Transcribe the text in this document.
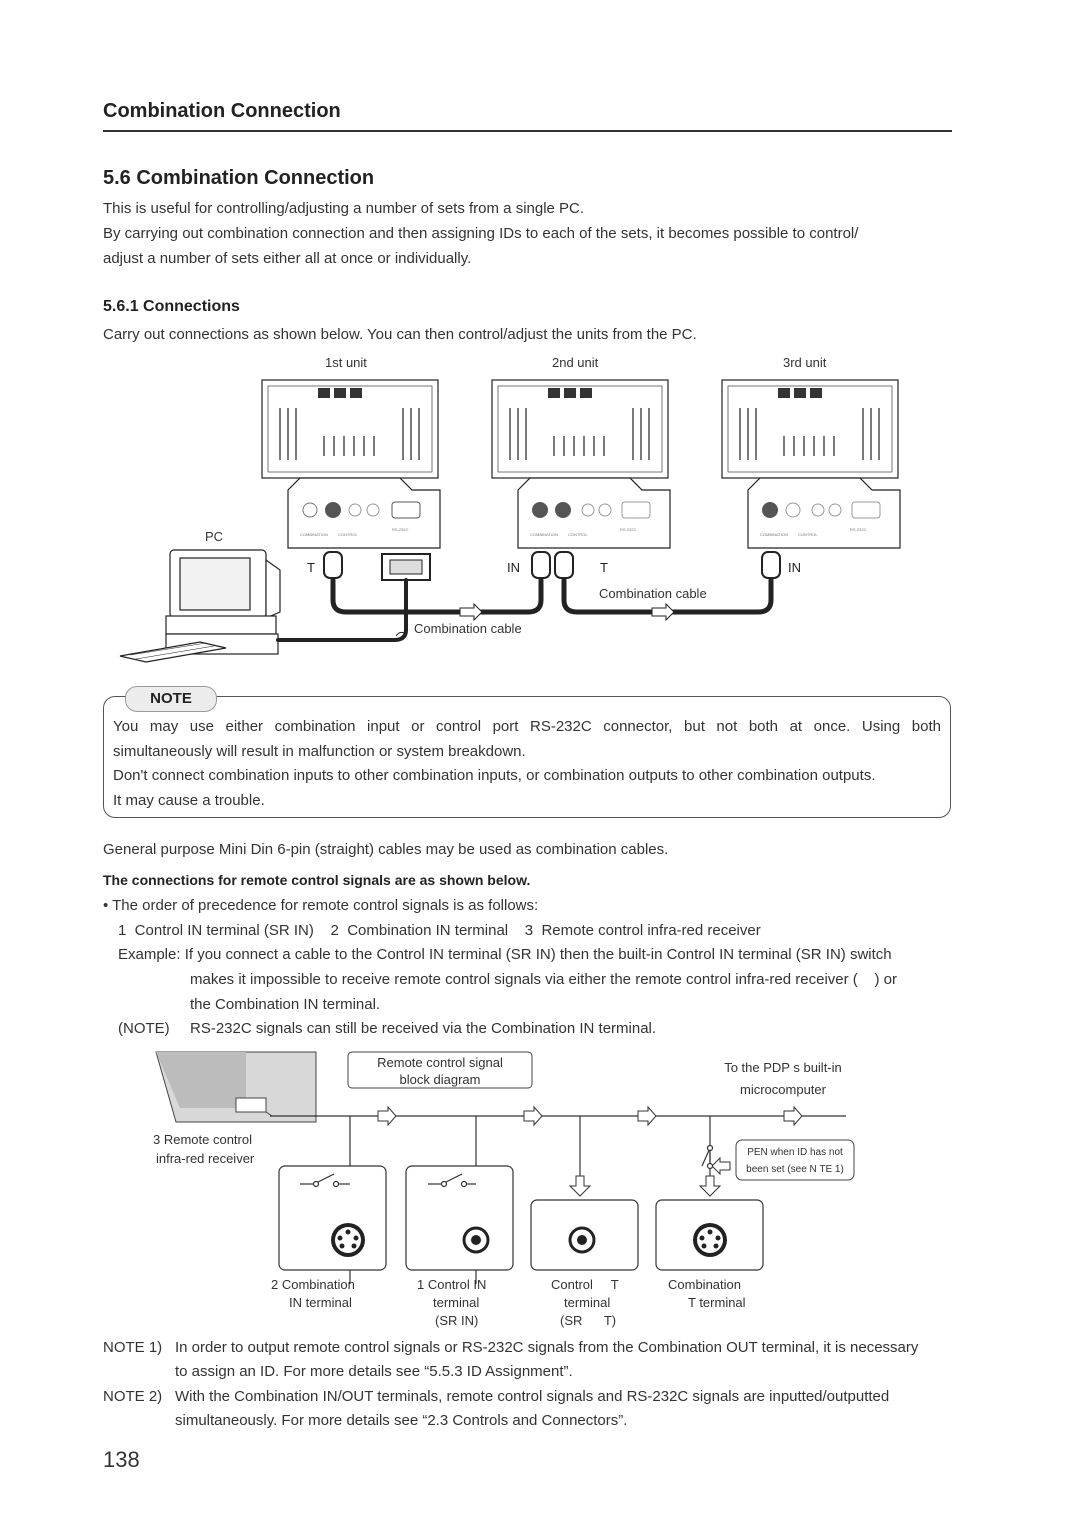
Combination Connection
5.6 Combination Connection
This is useful for controlling/adjusting a number of sets from a single PC.
By carrying out combination connection and then assigning IDs to each of the sets, it becomes possible to control/
adjust a number of sets either all at once or individually.
5.6.1 Connections
Carry out connections as shown below. You can then control/adjust the units from the PC.
1st unit	2nd unit	3rd unit
COMBINATION	CONTROL
RS-232C
COMBINATION	CONTROL
RS-232C
COMBINATION	CONTROL
RS-232C
PC
T	IN	T	IN
Combination cable
Combination cable
NOTE
You may use either combination input or control port RS-232C connector, but not both at once. Using both
simultaneously will result in malfunction or system breakdown.
Don't connect combination inputs to other combination inputs, or combination outputs to other combination outputs.
It may cause a trouble.
General purpose Mini Din 6-pin (straight) cables may be used as combination cables.
The connections for remote control signals are as shown below.
• The order of precedence for remote control signals is as follows:
1  Control IN terminal (SR IN)    2  Combination IN terminal    3  Remote control infra-red receiver
Example: If you connect a cable to the Control IN terminal (SR IN) then the built-in Control IN terminal (SR IN) switch
makes it impossible to receive remote control signals via either the remote control infra-red receiver (    ) or
the Combination IN terminal.
(NOTE) RS-232C signals can still be received via the Combination IN terminal.
Remote control signal
block diagram
To the PDP s built-in
microcomputer
3 Remote control
infra-red receiver	PEN when ID has not
been set (see N TE 1)
2 Combination
IN terminal
1 Control IN
terminal
(SR IN)
Control     T
terminal
(SR      T)
Combination
T terminal
NOTE 1) In order to output remote control signals or RS-232C signals from the Combination OUT terminal, it is necessary
to assign an ID. For more details see “5.5.3 ID Assignment”.
NOTE 2) With the Combination IN/OUT terminals, remote control signals and RS-232C signals are inputted/outputted
simultaneously. For more details see “2.3 Controls and Connectors”.
138
